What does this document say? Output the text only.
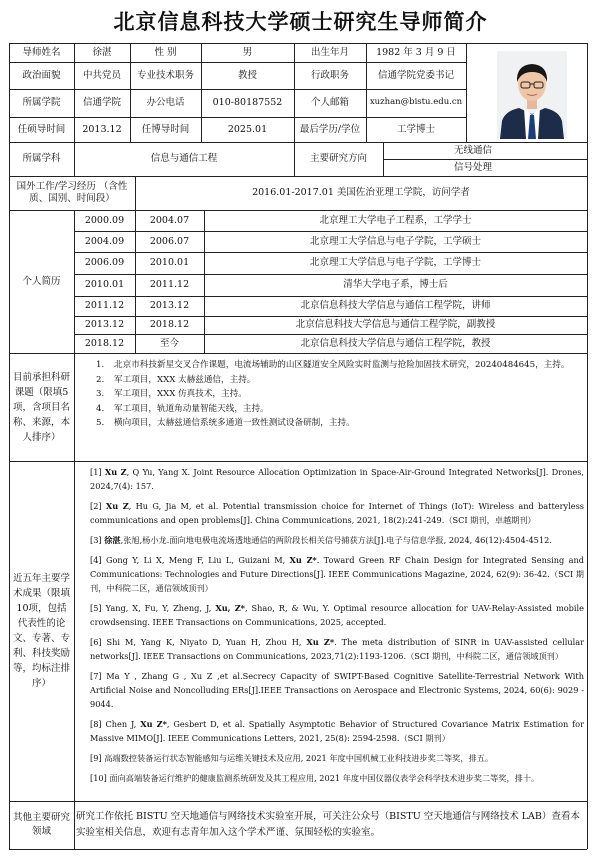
北京信息科技大学硕士研究生导师简介
导师姓名	徐湛	性 别	男	出生年月	1982 年 3 月 9 日
政治面貌	中共党员	专业技术职务	教授	行政职务	信通学院党委书记
所属学院	信通学院	办公电话	010-80187552	个人邮箱	xuzhan@bistu.edu.cn
任硕导时间	2013.12	任博导时间	2025.01	最后学历/学位	工学博士
所属学科	信息与通信工程	主要研究方向
无线通信
信号处理
国外工作/学习经历 （含性质、国别、时间段）
2016.01-2017.01 美国佐治亚理工学院，访问学者
个人简历
2000.09	2004.07	北京理工大学电子工程系，工学学士
2004.09	2006.07	北京理工大学信息与电子学院，工学硕士
2006.09	2010.01	北京理工大学信息与电子学院，工学博士
2010.01	2011.12	清华大学电子系，博士后
2011.12	2013.12	北京信息科技大学信息与通信工程学院，讲师
2013.12	2018.12	北京信息科技大学信息与通信工程学院，副教授
2018.12	至今	北京信息科技大学信息与通信工程学院，教授
目前承担科研课题（限填5项，含项目名称、来源，本人排序）
1.	北京市科技新星交叉合作课题，电流场辅助的山区隧道安全风险实时监测与抢险加固技术研究，20240484645，主持。
2.	军工项目，XXX 太赫兹通信，主持。
3.	军工项目，XXX 仿真技术，主持。
4.	军工项目，轨道角动量智能天线，主持。
5.	横向项目，太赫兹通信系统多通道一致性测试设备研制，主持。
近五年主要学术成果（限填10项，包括代表性的论文、专著、专利、科技奖励等，均标注排序）

[1] Xu Z, Q Yu, Yang X. Joint Resource Allocation Optimization in Space-Air-Ground Integrated Networks[J]. Drones, 2024,7(4): 157.

[2] Xu Z, Hu G, Jia M, et al. Potential transmission choice for Internet of Things (IoT): Wireless and batteryless communications and open problems[J]. China Communications, 2021, 18(2):241-249.（SCI 期刊，卓越期刊）

[3] 徐湛,张旭,杨小龙.面向地电极电流场透地通信的两阶段长相关信号捕获方法[J].电子与信息学报, 2024, 46(12):4504-4512.

[4] Gong Y, Li X, Meng F, Liu L, Guizani M, Xu Z*. Toward Green RF Chain Design for Integrated Sensing and Communications: Technologies and Future Directions[J]. IEEE Communications Magazine, 2024, 62(9): 36-42.（SCI 期刊，中科院二区，通信领域顶刊）

[5] Yang, X, Fu, Y, Zheng, J, Xu, Z*, Shao, R, & Wu, Y. Optimal resource allocation for UAV-Relay-Assisted mobile crowdsensing. IEEE Transactions on Communications, 2025, accepted.

[6] Shi M, Yang K, Niyato D, Yuan H, Zhou H, Xu Z*. The meta distribution of SINR in UAV-assisted cellular networks[J]. IEEE Transactions on Communications, 2023,71(2):1193-1206.（SCI 期刊，中科院二区，通信领域顶刊）

[7] Ma Y , Zhang G , Xu Z ,et al.Secrecy Capacity of SWIPT-Based Cognitive Satellite-Terrestrial Network With Artificial Noise and Noncolluding ERs[J].IEEE Transactions on Aerospace and Electronic Systems, 2024, 60(6): 9029 - 9044.

[8] Chen J, Xu Z*, Gesbert D, et al. Spatially Asymptotic Behavior of Structured Covariance Matrix Estimation for Massive MIMO[J]. IEEE Communications Letters, 2021, 25(8): 2594-2598.（SCI 期刊）

[9] 高端数控装备运行状态智能感知与运维关键技术及应用, 2021 年度中国机械工业科技进步奖二等奖，排五。

[10] 面向高端装备运行维护的健康监测系统研发及其工程应用, 2021 年度中国仪器仪表学会科学技术进步奖二等奖，排十。

其他主要研究领域
研究工作依托 BISTU 空天地通信与网络技术实验室开展，可关注公众号（BISTU 空天地通信与网络技术 LAB）查看本实验室相关信息，欢迎有志青年加入这个学术严谨、氛围轻松的实验室。
